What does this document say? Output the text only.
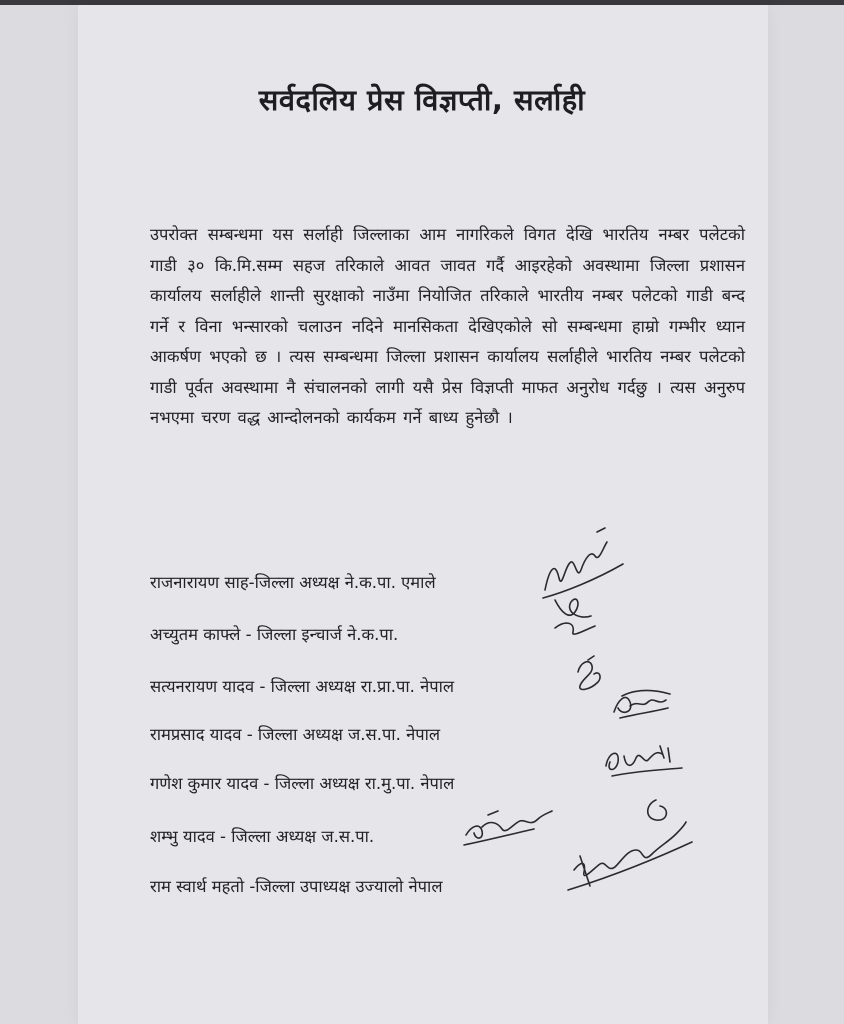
सर्वदलिय प्रेस विज्ञप्ती, सर्लाही

उपरोक्त सम्बन्धमा यस सर्लाही जिल्लाका आम नागरिकले विगत देखि भारतिय नम्बर पलेटको गाडी ३० कि.मि.सम्म सहज तरिकाले आवत जावत गर्दै आइरहेको अवस्थामा जिल्ला प्रशासन कार्यालय सर्लाहीले शान्ती सुरक्षाको नाउँमा नियोजित तरिकाले भारतीय नम्बर पलेटको गाडी बन्द गर्ने र विना भन्सारको चलाउन नदिने मानसिकता देखिएकोले सो सम्बन्धमा हाम्रो गम्भीर ध्यान आकर्षण भएको छ । त्यस सम्बन्धमा जिल्ला प्रशासन कार्यालय सर्लाहीले भारतिय नम्बर पलेटको गाडी पूर्वत अवस्थामा नै संचालनको लागी यसै प्रेस विज्ञप्ती माफत अनुरोध गर्दछु । त्यस अनुरुप नभएमा चरण वद्ध आन्दोलनको कार्यकम गर्ने बाध्य हुनेछौ ।

राजनारायण साह-जिल्ला अध्यक्ष ने.क.पा. एमाले
अच्युतम काफ्ले - जिल्ला इन्चार्ज ने.क.पा.
सत्यनरायण यादव - जिल्ला अध्यक्ष रा.प्रा.पा. नेपाल
रामप्रसाद यादव - जिल्ला अध्यक्ष ज.स.पा. नेपाल
गणेश कुमार यादव - जिल्ला अध्यक्ष रा.मु.पा. नेपाल
शम्भु यादव - जिल्ला अध्यक्ष ज.स.पा.
राम स्वार्थ महतो -जिल्ला उपाध्यक्ष उज्यालो नेपाल
